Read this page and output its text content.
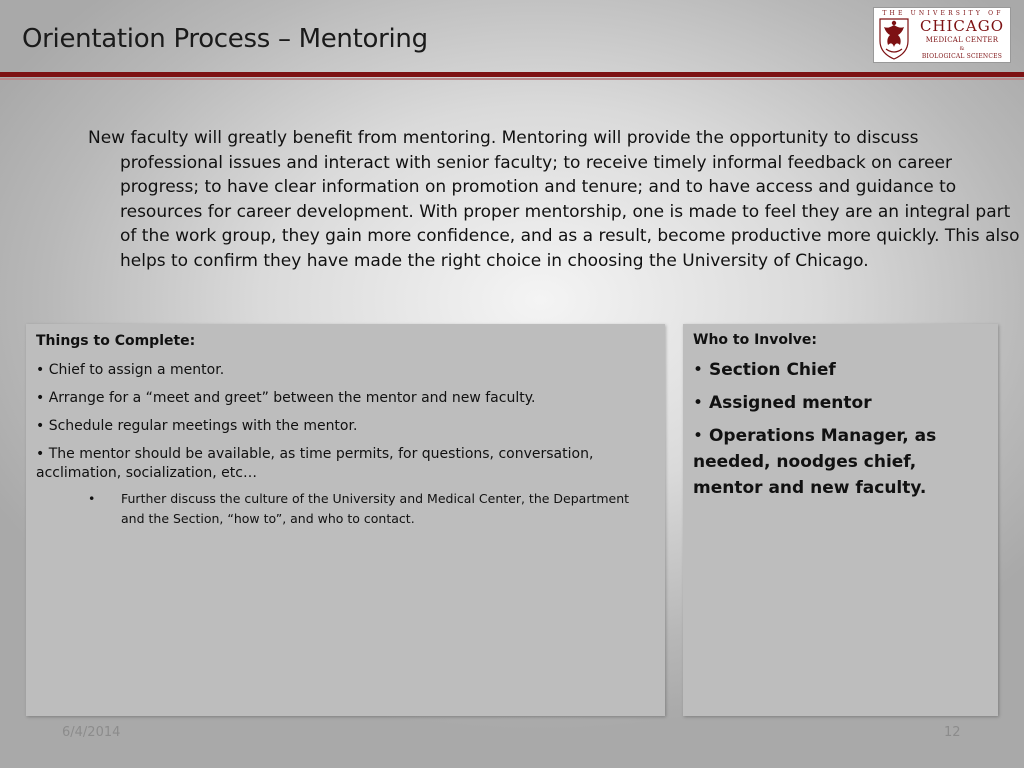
Orientation Process – Mentoring
THE UNIVERSITY OF
CHICAGO
MEDICAL CENTER
&
BIOLOGICAL SCIENCES
New faculty will greatly benefit from mentoring. Mentoring will provide the opportunity to discuss professional issues and interact with senior faculty; to receive timely informal feedback on career progress; to have clear information on promotion and tenure; and to have access and guidance to resources for career development. With proper mentorship, one is made to feel they are an integral part of the work group, they gain more confidence, and as a result, become productive more quickly. This also helps to confirm they have made the right choice in choosing the University of Chicago.
Things to Complete:
• Chief to assign a mentor.
• Arrange for a “meet and greet” between the mentor and new faculty.
• Schedule regular meetings with the mentor.
• The mentor should be available, as time permits, for questions, conversation, acclimation, socialization, etc…
• Further discuss the culture of the University and Medical Center, the Department and the Section, “how to”, and who to contact.
Who to Involve:
• Section Chief
• Assigned mentor
• Operations Manager, as needed, noodges chief, mentor and new faculty.
6/4/2014	12
